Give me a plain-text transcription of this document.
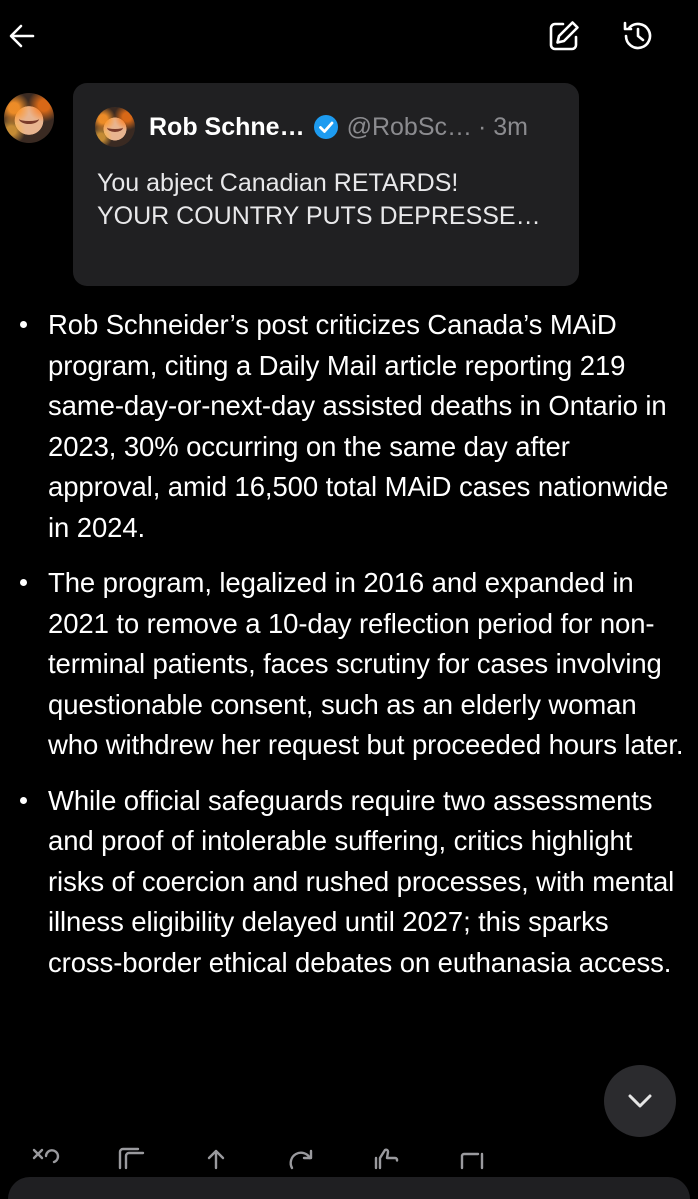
Rob Schne… @RobSc… · 3m
You abject Canadian RETARDS!
YOUR COUNTRY PUTS DEPRESSE…
Rob Schneider’s post criticizes Canada’s MAiD program, citing a Daily Mail article reporting 219 same-day-or-next-day assisted deaths in Ontario in 2023, 30% occurring on the same day after approval, amid 16,500 total MAiD cases nationwide in 2024.
The program, legalized in 2016 and expanded in 2021 to remove a 10-day reflection period for non-terminal patients, faces scrutiny for cases involving questionable consent, such as an elderly woman who withdrew her request but proceeded hours later.
While official safeguards require two assessments and proof of intolerable suffering, critics highlight risks of coercion and rushed processes, with mental illness eligibility delayed until 2027; this sparks cross-border ethical debates on euthanasia access.
